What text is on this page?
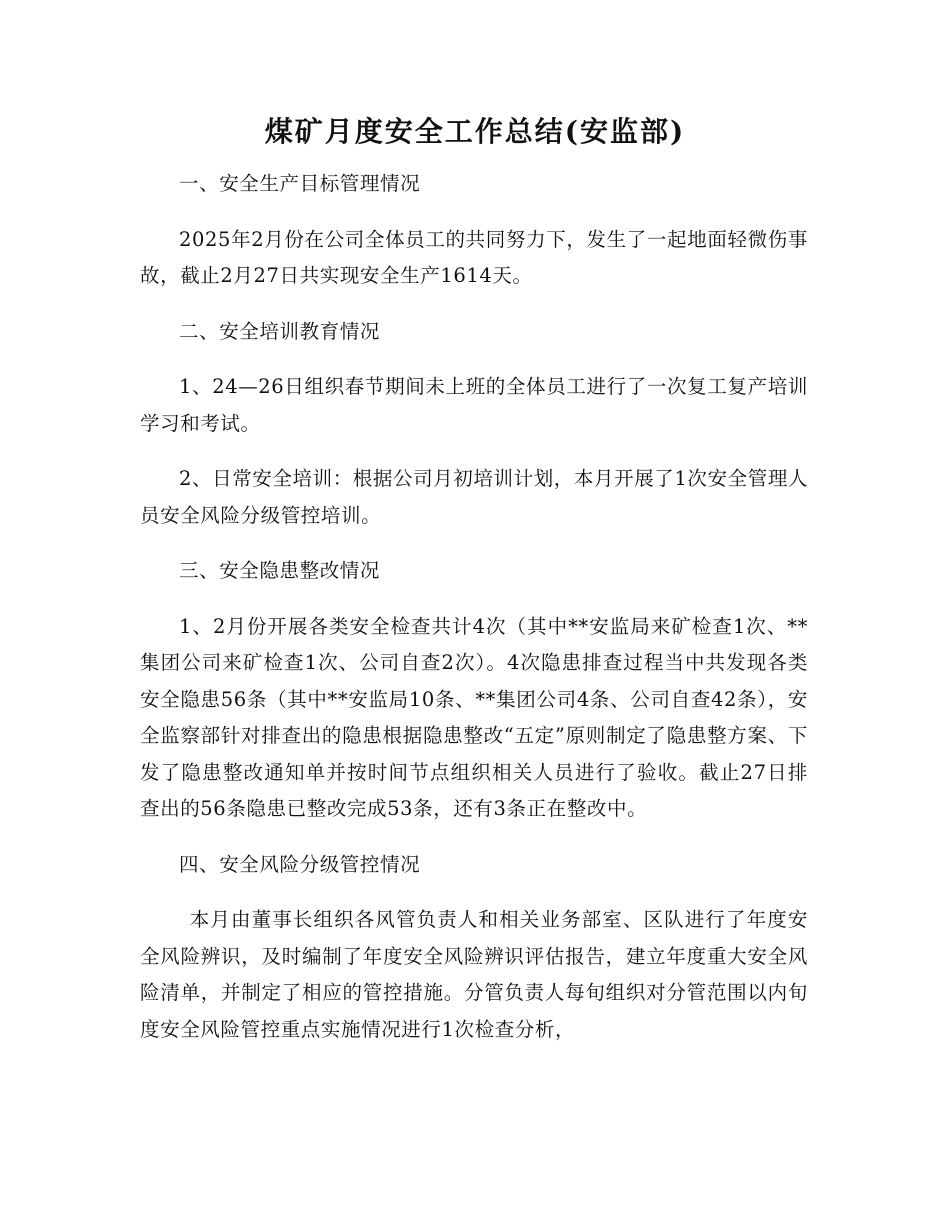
煤矿月度安全工作总结(安监部)

一、安全生产目标管理情况

2025年2月份在公司全体员工的共同努力下，发生了一起地面轻微伤事故，截止2月27日共实现安全生产1614天。

二、安全培训教育情况

1、24—26日组织春节期间未上班的全体员工进行了一次复工复产培训学习和考试。

2、日常安全培训：根据公司月初培训计划，本月开展了1次安全管理人员安全风险分级管控培训。

三、安全隐患整改情况

1、2月份开展各类安全检查共计4次（其中**安监局来矿检查1次、**集团公司来矿检查1次、公司自查2次）。4次隐患排查过程当中共发现各类安全隐患56条（其中**安监局10条、**集团公司4条、公司自查42条），安全监察部针对排查出的隐患根据隐患整改“五定”原则制定了隐患整方案、下发了隐患整改通知单并按时间节点组织相关人员进行了验收。截止27日排查出的56条隐患已整改完成53条，还有3条正在整改中。

四、安全风险分级管控情况

本月由董事长组织各风管负责人和相关业务部室、区队进行了年度安全风险辨识，及时编制了年度安全风险辨识评估报告，建立年度重大安全风险清单，并制定了相应的管控措施。分管负责人每旬组织对分管范围以内旬度安全风险管控重点实施情况进行1次检查分析，
